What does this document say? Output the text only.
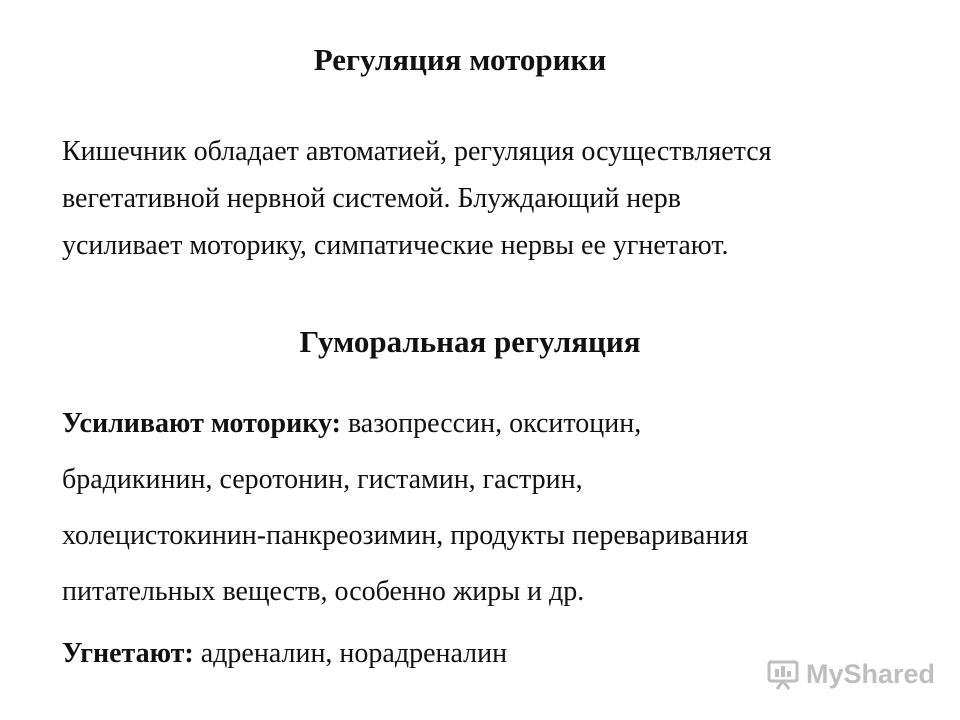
Регуляция моторики
Кишечник обладает автоматией, регуляция осуществляется
вегетативной нервной системой. Блуждающий нерв
усиливает моторику, симпатические нервы ее угнетают.
Гуморальная регуляция
Усиливают моторику: вазопрессин, окситоцин,
брадикинин, серотонин, гистамин, гастрин,
холецистокинин-панкреозимин, продукты переваривания
питательных веществ, особенно жиры и др.
Угнетают: адреналин, норадреналин
MyShared
